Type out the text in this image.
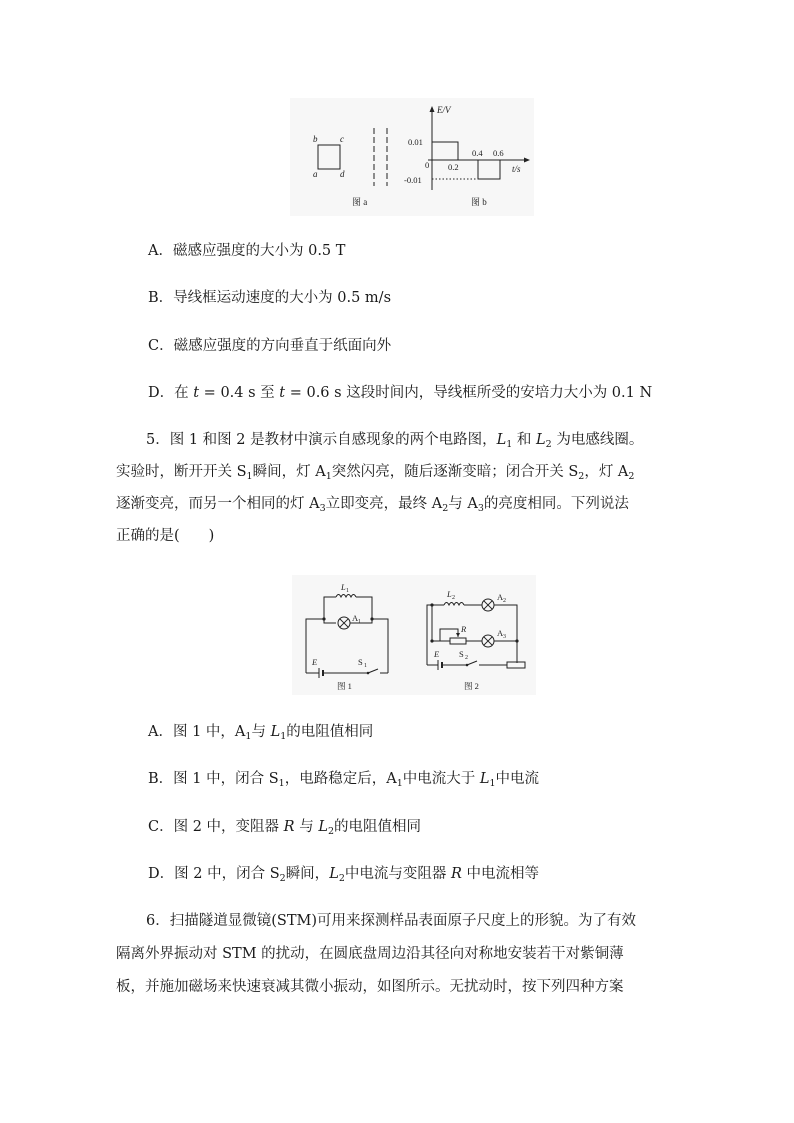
b	c
a	d
图 a
E/V
t/s
0
0.01
-0.01
0.2
0.4 0.6
图 b
A．磁感应强度的大小为 0.5 T
B．导线框运动速度的大小为 0.5 m/s
C．磁感应强度的方向垂直于纸面向外
D．在 t = 0.4 s 至 t = 0.6 s 这段时间内，导线框所受的安培力大小为 0.1 N
5．图 1 和图 2 是教材中演示自感现象的两个电路图，$L_1$ 和 $L_2$ 为电感线圈。
实验时，断开开关 $S_1$瞬间，灯 $A_1$突然闪亮，随后逐渐变暗；闭合开关 $S_2$，灯 $A_2$
逐渐变亮，而另一个相同的灯 $A_3$立即变亮，最终 $A_2$与 $A_3$的亮度相同。下列说法
正确的是(　　)
L 1
A 1
E	S 1
图 1
L 2	A 2
R	A 3
E S 2
图 2
A．图 1 中，$A_1$与 $L_1$的电阻值相同
B．图 1 中，闭合 $S_1$，电路稳定后，$A_1$中电流大于 $L_1$中电流
C．图 2 中，变阻器 R 与 $L_2$的电阻值相同
D．图 2 中，闭合 $S_2$瞬间，$L_2$中电流与变阻器 R 中电流相等
6．扫描隧道显微镜(STM)可用来探测样品表面原子尺度上的形貌。为了有效
隔离外界振动对 STM 的扰动，在圆底盘周边沿其径向对称地安装若干对紫铜薄
板，并施加磁场来快速衰减其微小振动，如图所示。无扰动时，按下列四种方案
